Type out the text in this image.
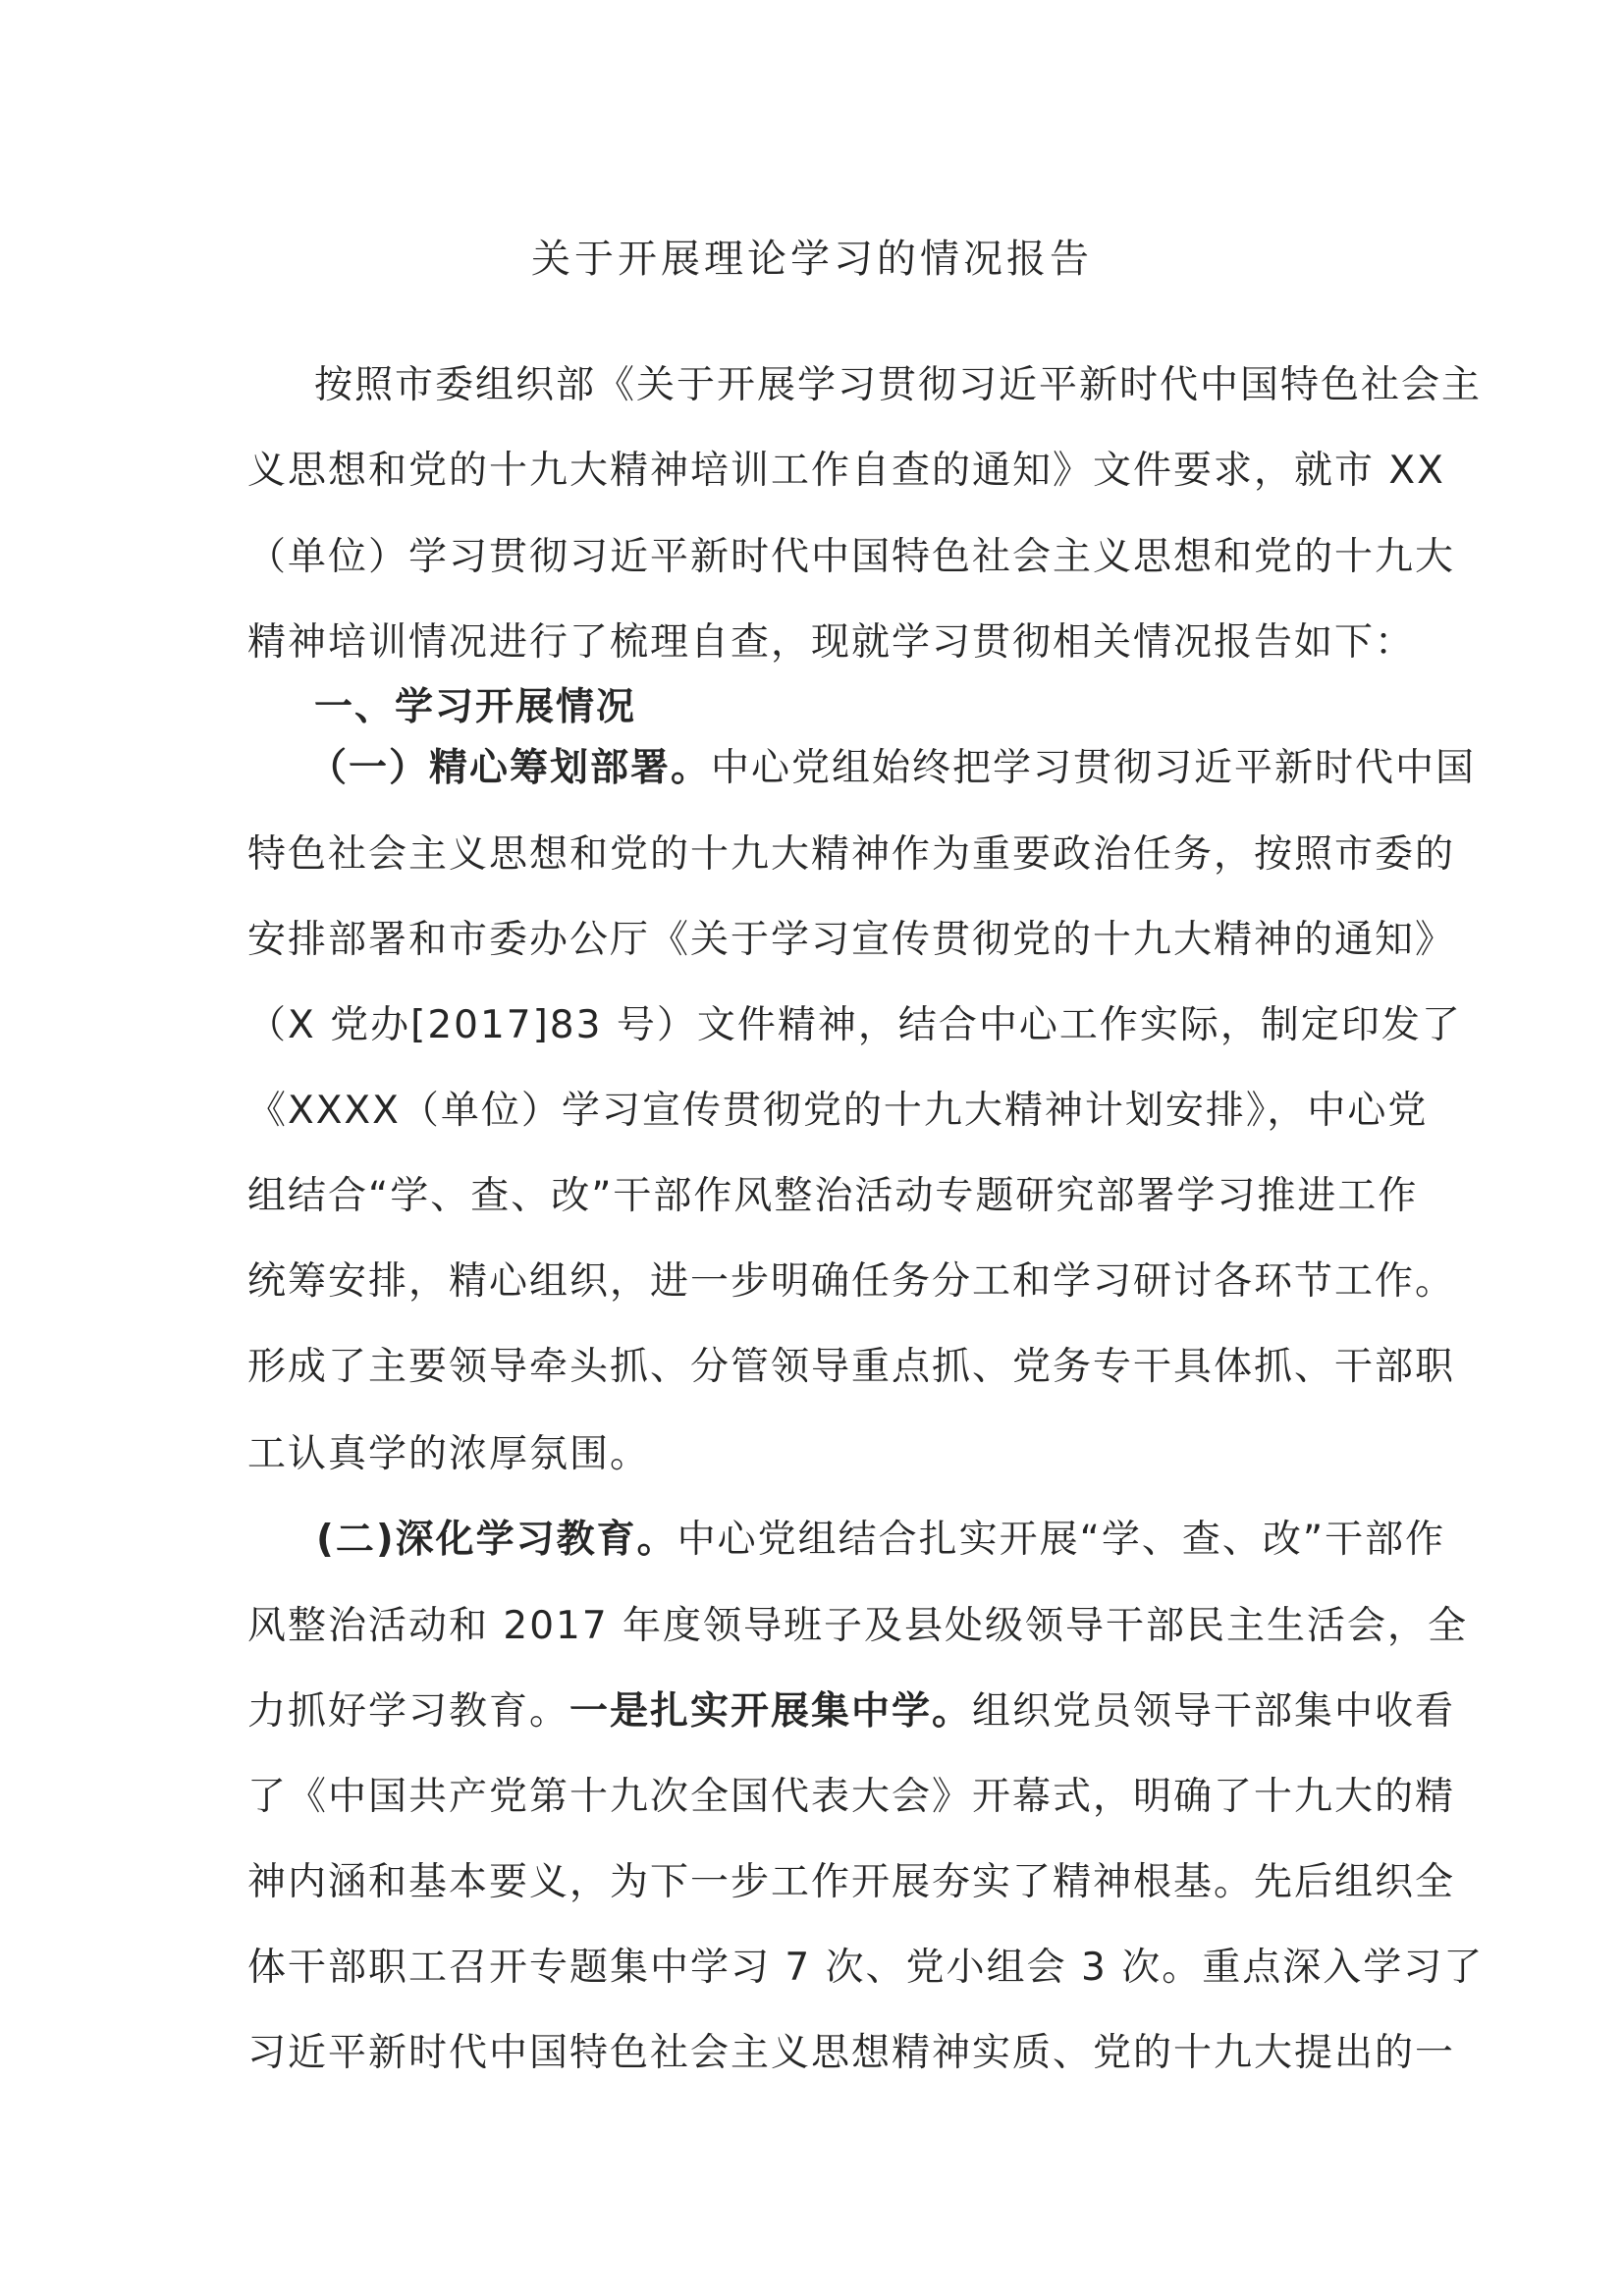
关于开展理论学习的情况报告
按照市委组织部《关于开展学习贯彻习近平新时代中国特色社会主
义思想和党的十九大精神培训工作自查的通知》文件要求，就市 XX
（单位）学习贯彻习近平新时代中国特色社会主义思想和党的十九大
精神培训情况进行了梳理自查，现就学习贯彻相关情况报告如下：
一、学习开展情况
（一）精心筹划部署。中心党组始终把学习贯彻习近平新时代中国
特色社会主义思想和党的十九大精神作为重要政治任务，按照市委的
安排部署和市委办公厅《关于学习宣传贯彻党的十九大精神的通知》
（X 党办[2017]83 号）文件精神，结合中心工作实际，制定印发了
《XXXX（单位）学习宣传贯彻党的十九大精神计划安排》，中心党
组结合“学、查、改”干部作风整治活动专题研究部署学习推进工作
统筹安排，精心组织，进一步明确任务分工和学习研讨各环节工作。
形成了主要领导牵头抓、分管领导重点抓、党务专干具体抓、干部职
工认真学的浓厚氛围。
(二)深化学习教育。中心党组结合扎实开展“学、查、改”干部作
风整治活动和 2017 年度领导班子及县处级领导干部民主生活会，全
力抓好学习教育。一是扎实开展集中学。组织党员领导干部集中收看
了《中国共产党第十九次全国代表大会》开幕式，明确了十九大的精
神内涵和基本要义，为下一步工作开展夯实了精神根基。先后组织全
体干部职工召开专题集中学习 7 次、党小组会 3 次。重点深入学习了
习近平新时代中国特色社会主义思想精神实质、党的十九大提出的一
